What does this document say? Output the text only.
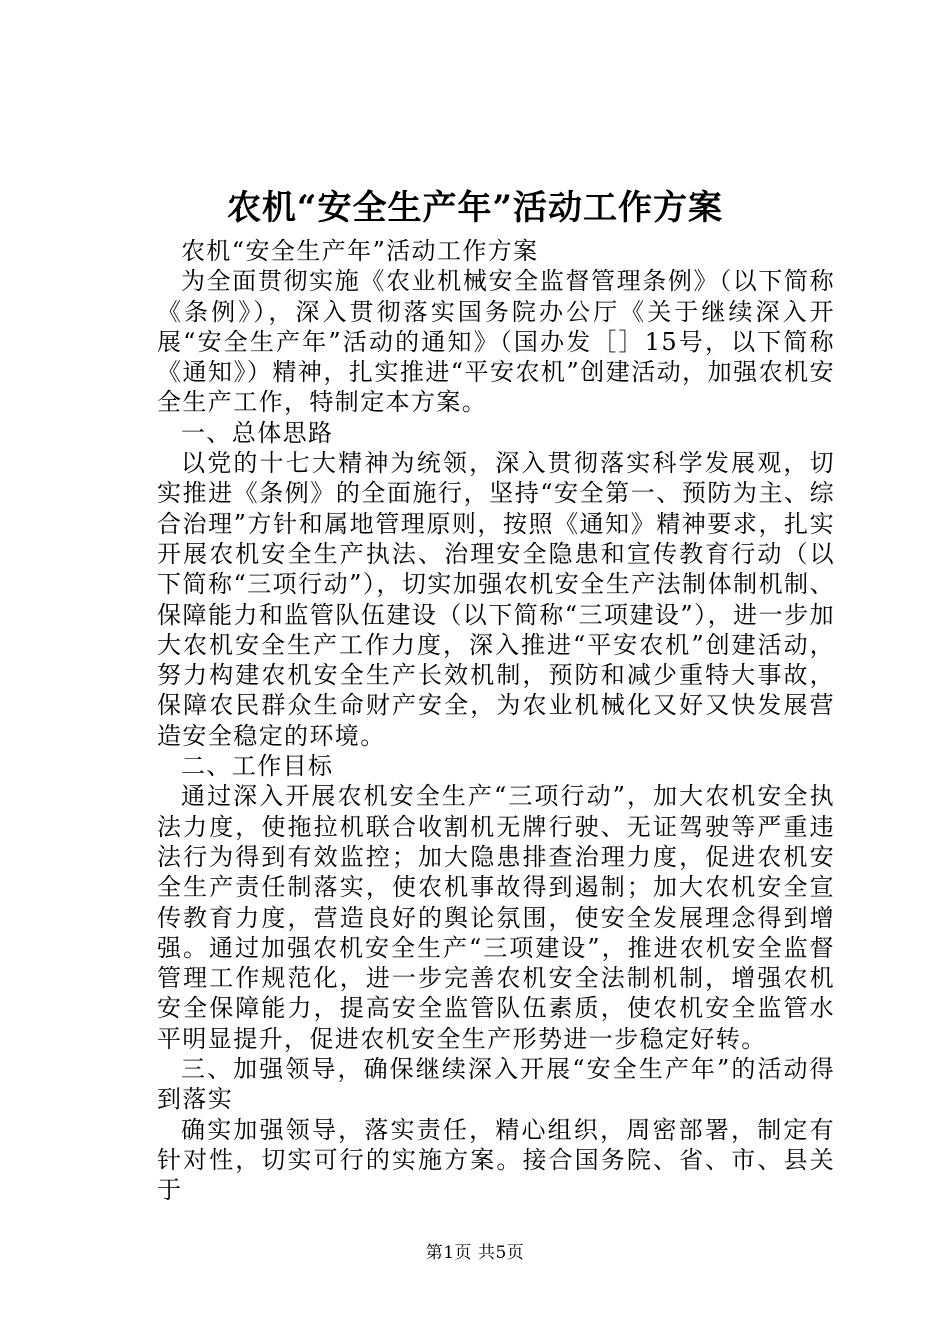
农机“安全生产年”活动工作方案

农机“安全生产年”活动工作方案

为全面贯彻实施《农业机械安全监督管理条例》（以下简称《条例》），深入贯彻落实国务院办公厅《关于继续深入开展“安全生产年”活动的通知》（国办发［］15号，以下简称《通知》）精神，扎实推进“平安农机”创建活动，加强农机安全生产工作，特制定本方案。

一、总体思路

以党的十七大精神为统领，深入贯彻落实科学发展观，切实推进《条例》的全面施行，坚持“安全第一、预防为主、综合治理”方针和属地管理原则，按照《通知》精神要求，扎实开展农机安全生产执法、治理安全隐患和宣传教育行动（以下简称“三项行动”），切实加强农机安全生产法制体制机制、保障能力和监管队伍建设（以下简称“三项建设”），进一步加大农机安全生产工作力度，深入推进“平安农机”创建活动，努力构建农机安全生产长效机制，预防和减少重特大事故，保障农民群众生命财产安全，为农业机械化又好又快发展营造安全稳定的环境。

二、工作目标

通过深入开展农机安全生产“三项行动”，加大农机安全执法力度，使拖拉机联合收割机无牌行驶、无证驾驶等严重违法行为得到有效监控；加大隐患排查治理力度，促进农机安全生产责任制落实，使农机事故得到遏制；加大农机安全宣传教育力度，营造良好的舆论氛围，使安全发展理念得到增强。通过加强农机安全生产“三项建设”，推进农机安全监督管理工作规范化，进一步完善农机安全法制机制，增强农机安全保障能力，提高安全监管队伍素质，使农机安全监管水平明显提升，促进农机安全生产形势进一步稳定好转。

三、加强领导，确保继续深入开展“安全生产年”的活动得到落实

确实加强领导，落实责任，精心组织，周密部署，制定有针对性，切实可行的实施方案。接合国务院、省、市、县关于

第1页 共5页
